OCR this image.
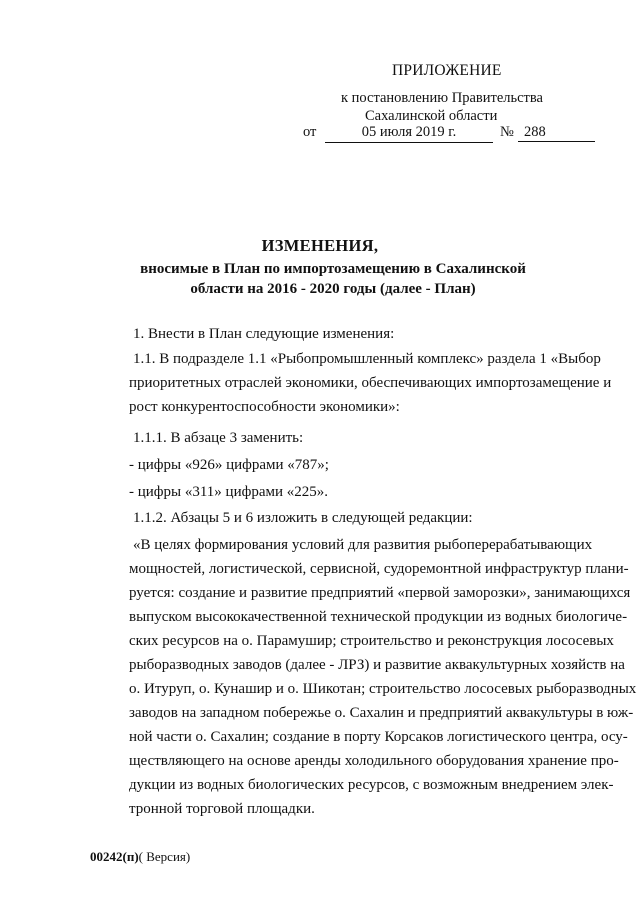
ПРИЛОЖЕНИЕ
к постановлению Правительства
Сахалинской области
от	05 июля 2019 г.	№ 288
ИЗМЕНЕНИЯ,
вносимые в План по импортозамещению в Сахалинской
области на 2016 - 2020 годы (далее - План)
1. Внести в План следующие изменения:
1.1. В подразделе 1.1 «Рыбопромышленный комплекс» раздела 1 «Выбор
приоритетных отраслей экономики, обеспечивающих импортозамещение и
рост конкурентоспособности экономики»:
1.1.1. В абзаце 3 заменить:
- цифры «926» цифрами «787»;
- цифры «311» цифрами «225».
1.1.2. Абзацы 5 и 6 изложить в следующей редакции:
«В целях формирования условий для развития рыбоперерабатывающих
мощностей, логистической, сервисной, судоремонтной инфраструктур плани-
руется: создание и развитие предприятий «первой заморозки», занимающихся
выпуском высококачественной технической продукции из водных биологиче-
ских ресурсов на о. Парамушир; строительство и реконструкция лососевых
рыборазводных заводов (далее - ЛРЗ) и развитие аквакультурных хозяйств на
о. Итуруп, о. Кунашир и о. Шикотан; строительство лососевых рыборазводных
заводов на западном побережье о. Сахалин и предприятий аквакультуры в юж-
ной части о. Сахалин; создание в порту Корсаков логистического центра, осу-
ществляющего на основе аренды холодильного оборудования хранение про-
дукции из водных биологических ресурсов, с возможным внедрением элек-
тронной торговой площадки.
00242(п)( Версия)
